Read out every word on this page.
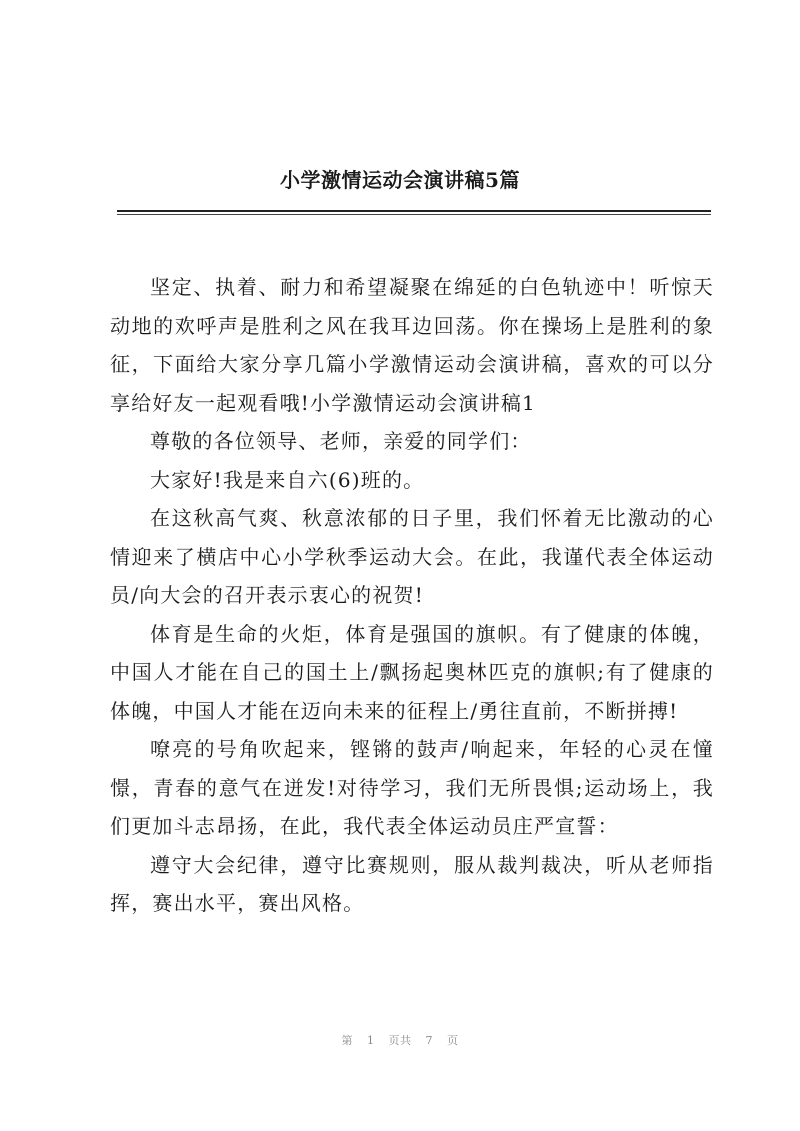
小学激情运动会演讲稿5篇

坚定、执着、耐力和希望凝聚在绵延的白色轨迹中！听惊天动地的欢呼声是胜利之风在我耳边回荡。你在操场上是胜利的象征，下面给大家分享几篇小学激情运动会演讲稿，喜欢的可以分享给好友一起观看哦!小学激情运动会演讲稿1

尊敬的各位领导、老师，亲爱的同学们：

大家好!我是来自六(6)班的。

在这秋高气爽、秋意浓郁的日子里，我们怀着无比激动的心情迎来了横店中心小学秋季运动大会。在此，我谨代表全体运动员/向大会的召开表示衷心的祝贺!

体育是生命的火炬，体育是强国的旗帜。有了健康的体魄，中国人才能在自己的国土上/飘扬起奥林匹克的旗帜;有了健康的体魄，中国人才能在迈向未来的征程上/勇往直前，不断拼搏!

嘹亮的号角吹起来，铿锵的鼓声/响起来，年轻的心灵在憧憬，青春的意气在迸发!对待学习，我们无所畏惧;运动场上，我们更加斗志昂扬，在此，我代表全体运动员庄严宣誓：

遵守大会纪律，遵守比赛规则，服从裁判裁决，听从老师指挥，赛出水平，赛出风格。

第 1 页共 7 页
